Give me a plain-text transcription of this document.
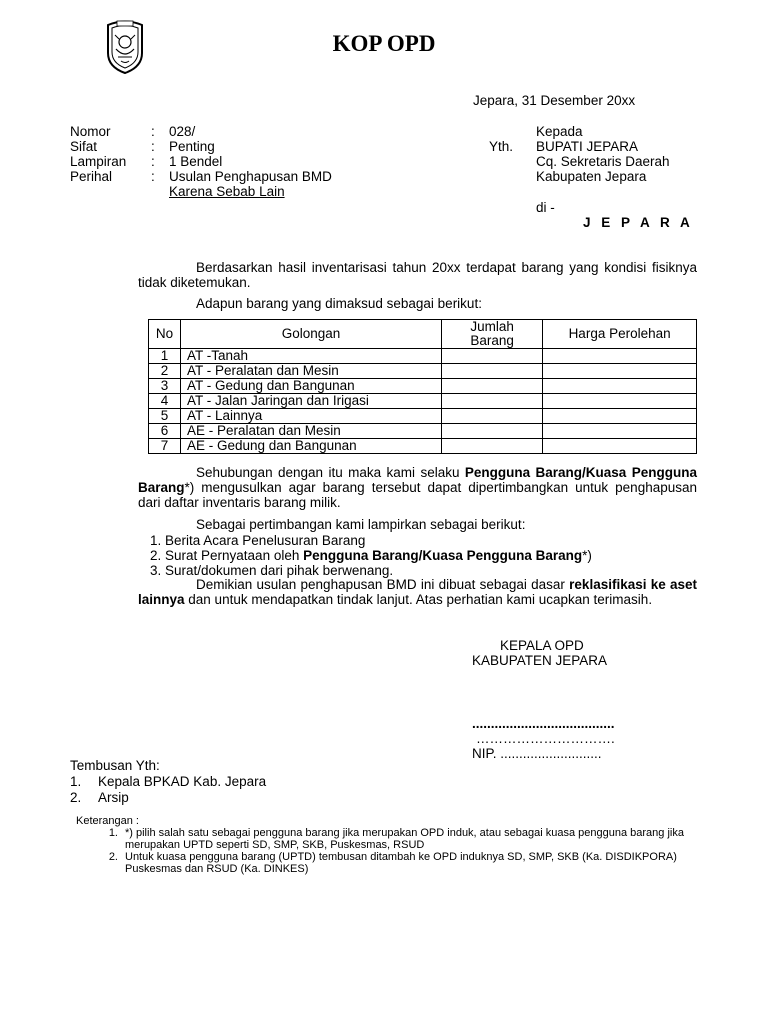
KOP OPD
Jepara, 31 Desember 20xx
Nomor	:	028/
Sifat	:	Penting
Lampiran	:	1 Bendel
Perihal	:	Usulan Penghapusan BMD
Karena Sebab Lain
Kepada
BUPATI JEPARA
Cq. Sekretaris Daerah
Kabupaten Jepara
Yth.
di -
J E P A R A

Berdasarkan hasil inventarisasi tahun 20xx terdapat barang yang kondisi fisiknya tidak diketemukan.

Adapun barang yang dimaksud sebagai berikut:

No	Golongan	Jumlah Barang	Harga Perolehan
1	AT -Tanah		
2	AT - Peralatan dan Mesin		
3	AT - Gedung dan Bangunan		
4	AT - Jalan Jaringan dan Irigasi		
5	AT - Lainnya		
6	AE - Peralatan dan Mesin		
7	AE - Gedung dan Bangunan		

Sehubungan dengan itu maka kami selaku Pengguna Barang/Kuasa Pengguna Barang*) mengusulkan agar barang tersebut dapat dipertimbangkan untuk penghapusan dari daftar inventaris barang milik.

Sebagai pertimbangan kami lampirkan sebagai berikut:

1. Berita Acara Penelusuran Barang
2. Surat Pernyataan oleh Pengguna Barang/Kuasa Pengguna Barang*)
3. Surat/dokumen dari pihak berwenang.

Demikian usulan penghapusan BMD ini dibuat sebagai dasar reklasifikasi ke aset lainnya dan untuk mendapatkan tindak lanjut. Atas perhatian kami ucapkan terimasih.

KEPALA OPD
KABUPATEN JEPARA
......................................
………………………….
NIP. ...........................
Tembusan Yth:
1.	Kepala BPKAD Kab. Jepara
2.	Arsip
Keterangan :
1. *) pilih salah satu sebagai pengguna barang jika merupakan OPD induk, atau sebagai kuasa pengguna barang jika merupakan UPTD seperti SD, SMP, SKB, Puskesmas, RSUD
2. Untuk kuasa pengguna barang (UPTD) tembusan ditambah ke OPD induknya SD, SMP, SKB (Ka. DISDIKPORA) Puskesmas dan RSUD (Ka. DINKES)
